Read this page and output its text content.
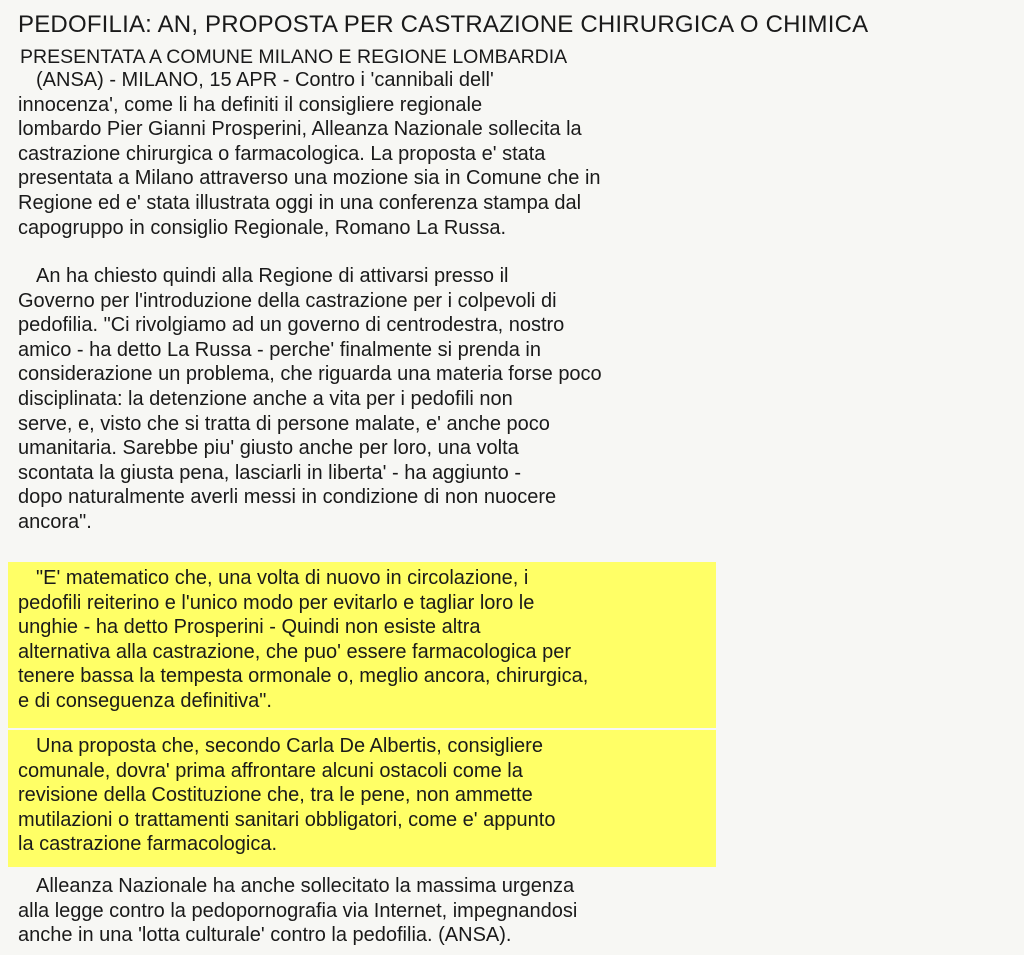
PEDOFILIA: AN, PROPOSTA PER CASTRAZIONE CHIRURGICA O CHIMICA
PRESENTATA A COMUNE MILANO E REGIONE LOMBARDIA
(ANSA) - MILANO, 15 APR - Contro i 'cannibali dell'
innocenza', come li ha definiti il consigliere regionale
lombardo Pier Gianni Prosperini, Alleanza Nazionale sollecita la
castrazione chirurgica o farmacologica. La proposta e' stata
presentata a Milano attraverso una mozione sia in Comune che in
Regione ed e' stata illustrata oggi in una conferenza stampa dal
capogruppo in consiglio Regionale, Romano La Russa.
An ha chiesto quindi alla Regione di attivarsi presso il
Governo per l'introduzione della castrazione per i colpevoli di
pedofilia. "Ci rivolgiamo ad un governo di centrodestra, nostro
amico - ha detto La Russa - perche' finalmente si prenda in
considerazione un problema, che riguarda una materia forse poco
disciplinata: la detenzione anche a vita per i pedofili non
serve, e, visto che si tratta di persone malate, e' anche poco
umanitaria. Sarebbe piu' giusto anche per loro, una volta
scontata la giusta pena, lasciarli in liberta' - ha aggiunto -
dopo naturalmente averli messi in condizione di non nuocere
ancora".
"E' matematico che, una volta di nuovo in circolazione, i
pedofili reiterino e l'unico modo per evitarlo e tagliar loro le
unghie - ha detto Prosperini - Quindi non esiste altra
alternativa alla castrazione, che puo' essere farmacologica per
tenere bassa la tempesta ormonale o, meglio ancora, chirurgica,
e di conseguenza definitiva".
Una proposta che, secondo Carla De Albertis, consigliere
comunale, dovra' prima affrontare alcuni ostacoli come la
revisione della Costituzione che, tra le pene, non ammette
mutilazioni o trattamenti sanitari obbligatori, come e' appunto
la castrazione farmacologica.
Alleanza Nazionale ha anche sollecitato la massima urgenza
alla legge contro la pedopornografia via Internet, impegnandosi
anche in una 'lotta culturale' contro la pedofilia. (ANSA).
